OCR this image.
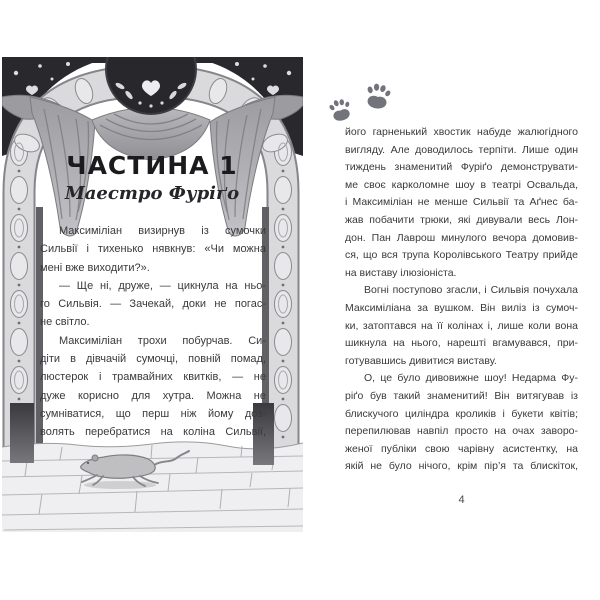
ЧАСТИНА 1
Маестро Фуріґо
Максиміліан визирнув із сумочки
Сильвії і тихенько нявкнув: «Чи можна
мені вже виходити?».
— Ще ні, друже, — цикнула на ньо-
го Сильвія. — Зачекай, доки не погас-
не світло.
Максиміліан трохи побурчав. Си-
діти в дівчачій сумочці, повній помад,
люстерок і трамвайних квитків, — не
дуже корисно для хутра. Можна не
сумніватися, що перш ніж йому доз-
волять перебратися на коліна Сильвії,
його гарненький хвостик набуде жалюгідного
вигляду. Але доводилось терпіти. Лише один
тиждень знаменитий Фуріґо демонструвати-
ме своє карколомне шоу в театрі Освальда,
і Максиміліан не менше Сильвії та Аґнес ба-
жав побачити трюки, які дивували весь Лон-
дон. Пан Лаврош минулого вечора домовив-
ся, що вся трупа Королівського Театру прийде
на виставу ілюзіоніста.
Вогні поступово згасли, і Сильвія почухала
Максиміліана за вушком. Він виліз із сумоч-
ки, затоптався на її колінах і, лише коли вона
шикнула на нього, нарешті вгамувався, при-
готувавшись дивитися виставу.
О, це було дивовижне шоу! Недарма Фу-
ріґо був такий знаменитий! Він витягував із
блискучого циліндра кроликів і букети квітів;
перепилював навпіл просто на очах заворо-
женої публіки свою чарівну асистентку, на
якій не було нічого, крім пір’я та блискіток,
4
